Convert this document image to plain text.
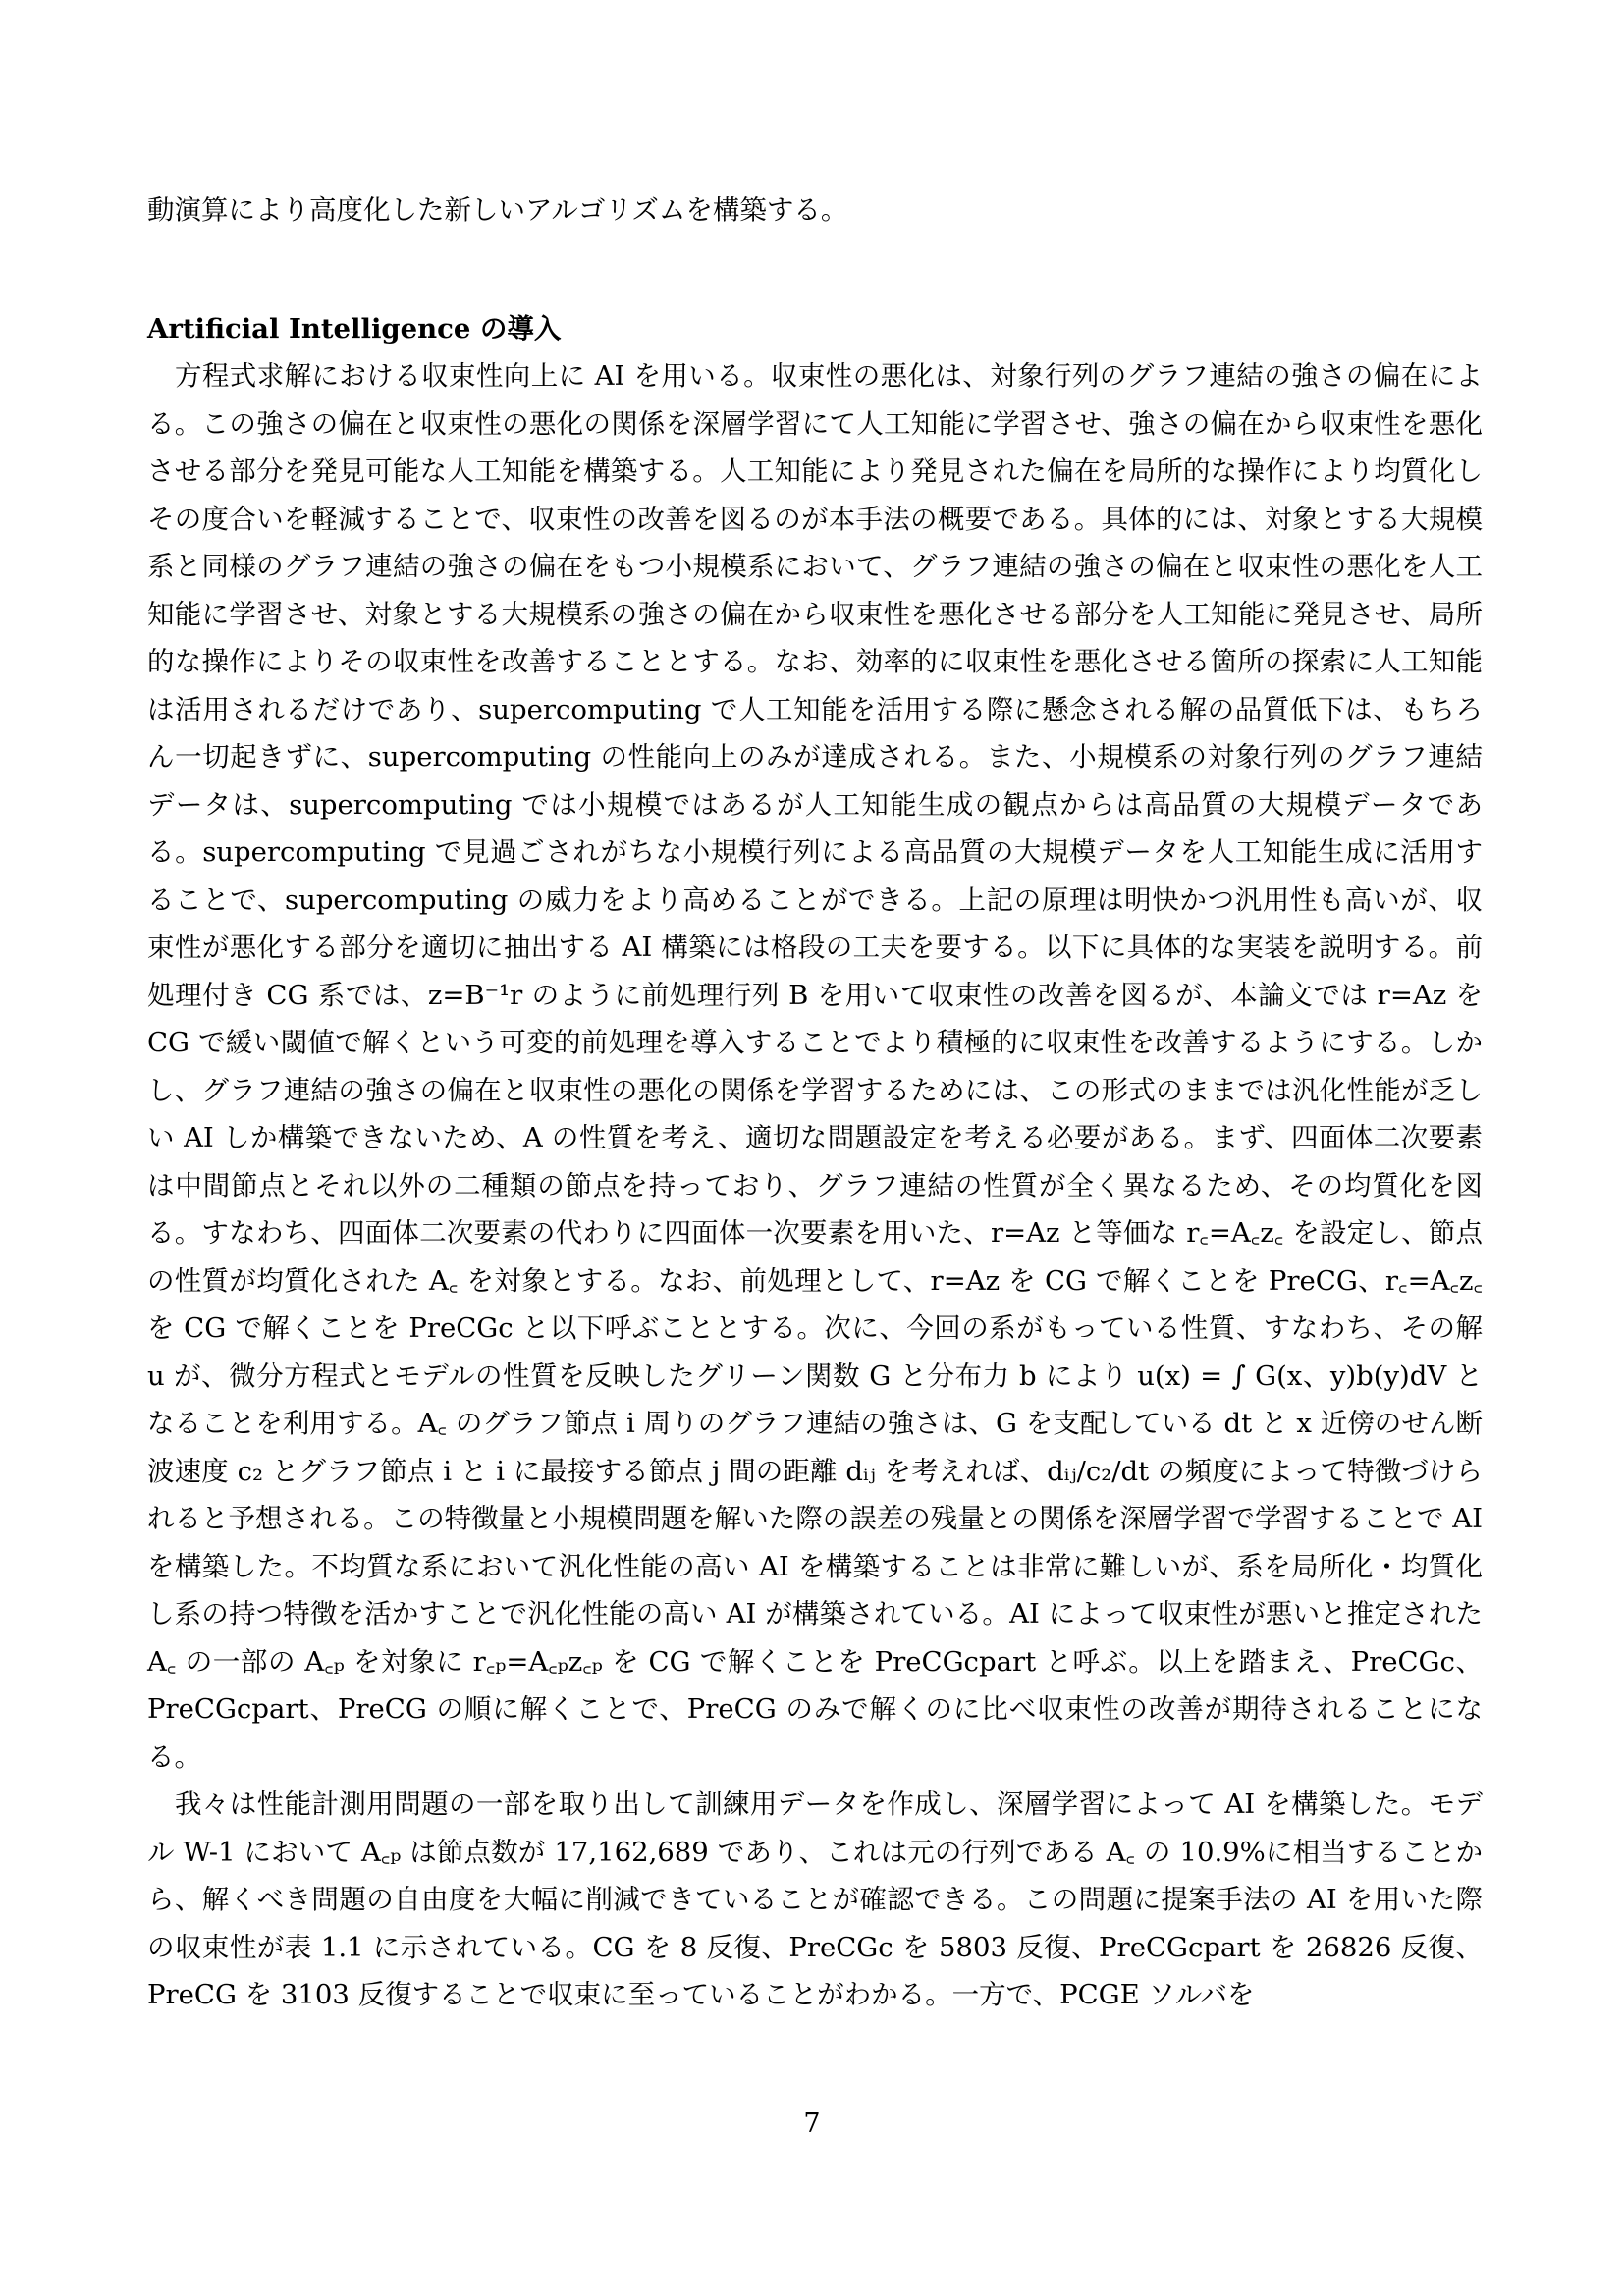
動演算により高度化した新しいアルゴリズムを構築する。

Artificial Intelligence の導入

方程式求解における収束性向上に AI を用いる。収束性の悪化は、対象行列のグラフ連結の強さの偏在による。この強さの偏在と収束性の悪化の関係を深層学習にて人工知能に学習させ、強さの偏在から収束性を悪化させる部分を発見可能な人工知能を構築する。人工知能により発見された偏在を局所的な操作により均質化しその度合いを軽減することで、収束性の改善を図るのが本手法の概要である。具体的には、対象とする大規模系と同様のグラフ連結の強さの偏在をもつ小規模系において、グラフ連結の強さの偏在と収束性の悪化を人工知能に学習させ、対象とする大規模系の強さの偏在から収束性を悪化させる部分を人工知能に発見させ、局所的な操作によりその収束性を改善することとする。なお、効率的に収束性を悪化させる箇所の探索に人工知能は活用されるだけであり、supercomputing で人工知能を活用する際に懸念される解の品質低下は、もちろん一切起きずに、supercomputing の性能向上のみが達成される。また、小規模系の対象行列のグラフ連結データは、supercomputing では小規模ではあるが人工知能生成の観点からは高品質の大規模データである。supercomputing で見過ごされがちな小規模行列による高品質の大規模データを人工知能生成に活用することで、supercomputing の威力をより高めることができる。上記の原理は明快かつ汎用性も高いが、収束性が悪化する部分を適切に抽出する AI 構築には格段の工夫を要する。以下に具体的な実装を説明する。前処理付き CG 系では、z=B⁻¹r のように前処理行列 B を用いて収束性の改善を図るが、本論文では r=Az を CG で緩い閾値で解くという可変的前処理を導入することでより積極的に収束性を改善するようにする。しかし、グラフ連結の強さの偏在と収束性の悪化の関係を学習するためには、この形式のままでは汎化性能が乏しい AI しか構築できないため、A の性質を考え、適切な問題設定を考える必要がある。まず、四面体二次要素は中間節点とそれ以外の二種類の節点を持っており、グラフ連結の性質が全く異なるため、その均質化を図る。すなわち、四面体二次要素の代わりに四面体一次要素を用いた、r=Az と等価な r꜀=A꜀z꜀ を設定し、節点の性質が均質化された A꜀ を対象とする。なお、前処理として、r=Az を CG で解くことを PreCG、r꜀=A꜀z꜀ を CG で解くことを PreCGc と以下呼ぶこととする。次に、今回の系がもっている性質、すなわち、その解 u が、微分方程式とモデルの性質を反映したグリーン関数 G と分布力 b により u(x) = ∫ G(x、y)b(y)dV となることを利用する。A꜀ のグラフ節点 i 周りのグラフ連結の強さは、G を支配している dt と x 近傍のせん断波速度 c₂ とグラフ節点 i と i に最接する節点 j 間の距離 dᵢⱼ を考えれば、dᵢⱼ/c₂/dt の頻度によって特徴づけられると予想される。この特徴量と小規模問題を解いた際の誤差の残量との関係を深層学習で学習することで AI を構築した。不均質な系において汎化性能の高い AI を構築することは非常に難しいが、系を局所化・均質化し系の持つ特徴を活かすことで汎化性能の高い AI が構築されている。AI によって収束性が悪いと推定された A꜀ の一部の A꜀ₚ を対象に r꜀ₚ=A꜀ₚz꜀ₚ を CG で解くことを PreCGcpart と呼ぶ。以上を踏まえ、PreCGc、PreCGcpart、PreCG の順に解くことで、PreCG のみで解くのに比べ収束性の改善が期待されることになる。

我々は性能計測用問題の一部を取り出して訓練用データを作成し、深層学習によって AI を構築した。モデル W-1 において A꜀ₚ は節点数が 17,162,689 であり、これは元の行列である A꜀ の 10.9%に相当することから、解くべき問題の自由度を大幅に削減できていることが確認できる。この問題に提案手法の AI を用いた際の収束性が表 1.1 に示されている。CG を 8 反復、PreCGc を 5803 反復、PreCGcpart を 26826 反復、PreCG を 3103 反復することで収束に至っていることがわかる。一方で、PCGE ソルバを

7
